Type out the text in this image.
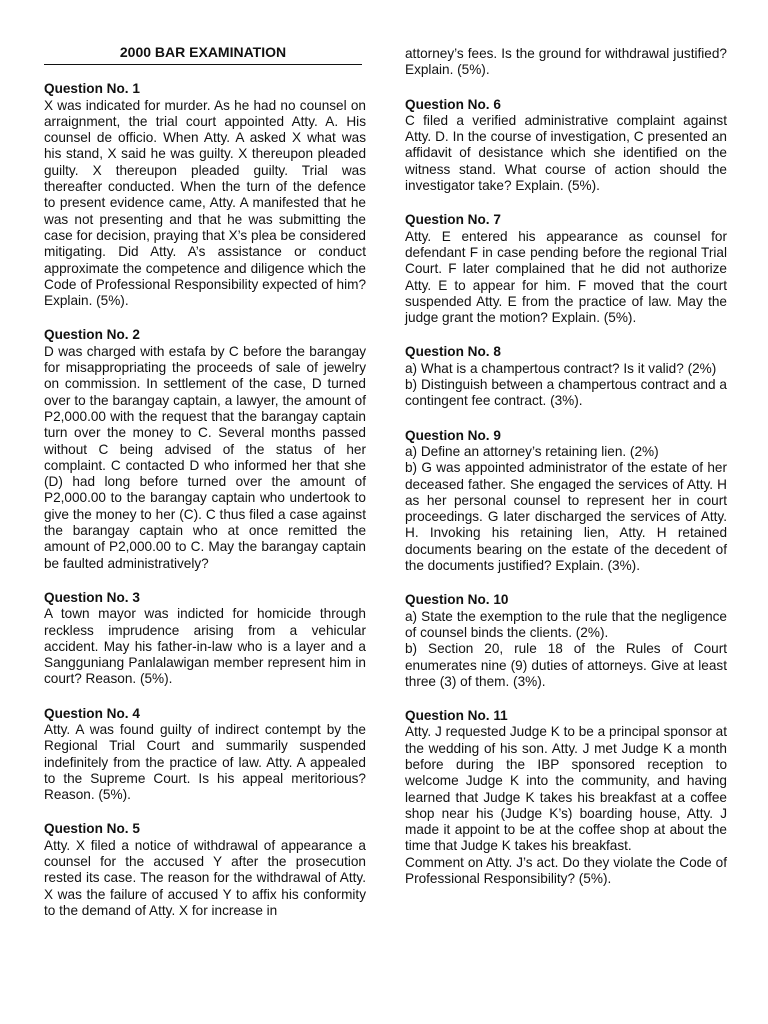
2000 BAR EXAMINATION
Question No. 1

X was indicated for murder. As he had no counsel on arraignment, the trial court appointed Atty. A. His counsel de officio. When Atty. A asked X what was his stand, X said he was guilty. X thereupon pleaded guilty. X thereupon pleaded guilty. Trial was thereafter conducted. When the turn of the defence to present evidence came, Atty. A manifested that he was not presenting and that he was submitting the case for decision, praying that X’s plea be considered mitigating. Did Atty. A’s assistance or conduct approximate the competence and diligence which the Code of Professional Responsibility expected of him? Explain. (5%).

Question No. 2

D was charged with estafa by C before the barangay for misappropriating the proceeds of sale of jewelry on commission. In settlement of the case, D turned over to the barangay captain, a lawyer, the amount of P2,000.00 with the request that the barangay captain turn over the money to C. Several months passed without C being advised of the status of her complaint. C contacted D who informed her that she (D) had long before turned over the amount of P2,000.00 to the barangay captain who undertook to give the money to her (C). C thus filed a case against the barangay captain who at once remitted the amount of P2,000.00 to C. May the barangay captain be faulted administratively?

Question No. 3

A town mayor was indicted for homicide through reckless imprudence arising from a vehicular accident. May his father-in-law who is a layer and a Sangguniang Panlalawigan member represent him in court? Reason. (5%).

Question No. 4

Atty. A was found guilty of indirect contempt by the Regional Trial Court and summarily suspended indefinitely from the practice of law. Atty. A appealed to the Supreme Court. Is his appeal meritorious? Reason. (5%).

Question No. 5

Atty. X filed a notice of withdrawal of appearance a counsel for the accused Y after the prosecution rested its case. The reason for the withdrawal of Atty. X was the failure of accused Y to affix his conformity to the demand of Atty. X for increase in

attorney’s fees. Is the ground for withdrawal justified? Explain. (5%).

Question No. 6

C filed a verified administrative complaint against Atty. D. In the course of investigation, C presented an affidavit of desistance which she identified on the witness stand. What course of action should the investigator take? Explain. (5%).

Question No. 7

Atty. E entered his appearance as counsel for defendant F in case pending before the regional Trial Court. F later complained that he did not authorize Atty. E to appear for him. F moved that the court suspended Atty. E from the practice of law. May the judge grant the motion? Explain. (5%).

Question No. 8

a) What is a champertous contract? Is it valid? (2%)

b) Distinguish between a champertous contract and a contingent fee contract. (3%).

Question No. 9

a) Define an attorney’s retaining lien. (2%)

b) G was appointed administrator of the estate of her deceased father. She engaged the services of Atty. H as her personal counsel to represent her in court proceedings. G later discharged the services of Atty. H. Invoking his retaining lien, Atty. H retained documents bearing on the estate of the decedent of the documents justified? Explain. (3%).

Question No. 10

a) State the exemption to the rule that the negligence of counsel binds the clients. (2%).

b) Section 20, rule 18 of the Rules of Court enumerates nine (9) duties of attorneys. Give at least three (3) of them. (3%).

Question No. 11

Atty. J requested Judge K to be a principal sponsor at the wedding of his son. Atty. J met Judge K a month before during the IBP sponsored reception to welcome Judge K into the community, and having learned that Judge K takes his breakfast at a coffee shop near his (Judge K’s) boarding house, Atty. J made it appoint to be at the coffee shop at about the time that Judge K takes his breakfast.

Comment on Atty. J’s act. Do they violate the Code of Professional Responsibility? (5%).
